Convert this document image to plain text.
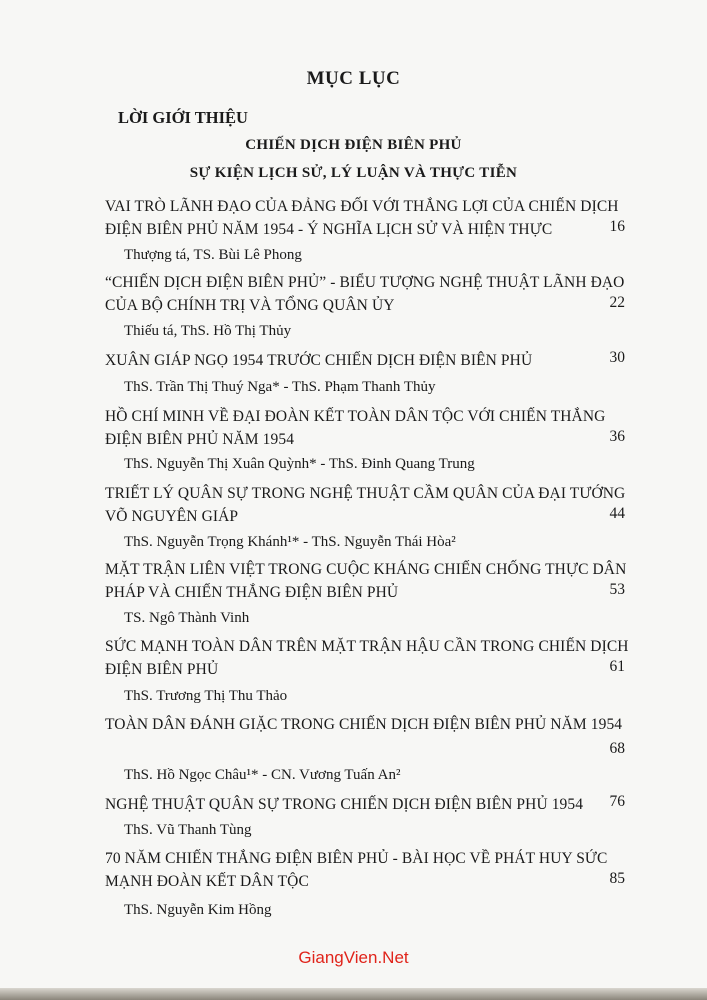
MỤC LỤC
LỜI GIỚI THIỆU
CHIẾN DỊCH ĐIỆN BIÊN PHỦ
SỰ KIỆN LỊCH SỬ, LÝ LUẬN VÀ THỰC TIỄN
VAI TRÒ LÃNH ĐẠO CỦA ĐẢNG ĐỐI VỚI THẮNG LỢI CỦA CHIẾN DỊCH
ĐIỆN BIÊN PHỦ NĂM 1954 - Ý NGHĨA LỊCH SỬ VÀ HIỆN THỰC	16
Thượng tá, TS. Bùi Lê Phong
“CHIẾN DỊCH ĐIỆN BIÊN PHỦ” - BIỂU TƯỢNG NGHỆ THUẬT LÃNH ĐẠO
CỦA BỘ CHÍNH TRỊ VÀ TỔNG QUÂN ỦY	22
Thiếu tá, ThS. Hồ Thị Thủy
XUÂN GIÁP NGỌ 1954 TRƯỚC CHIẾN DỊCH ĐIỆN BIÊN PHỦ	30
ThS. Trần Thị Thuý Nga* - ThS. Phạm Thanh Thủy
HỒ CHÍ MINH VỀ ĐẠI ĐOÀN KẾT TOÀN DÂN TỘC VỚI CHIẾN THẮNG
ĐIỆN BIÊN PHỦ NĂM 1954	36
ThS. Nguyễn Thị Xuân Quỳnh* - ThS. Đinh Quang Trung
TRIẾT LÝ QUÂN SỰ TRONG NGHỆ THUẬT CẦM QUÂN CỦA ĐẠI TƯỚNG
VÕ NGUYÊN GIÁP	44
ThS. Nguyễn Trọng Khánh¹* - ThS. Nguyễn Thái Hòa²
MẶT TRẬN LIÊN VIỆT TRONG CUỘC KHÁNG CHIẾN CHỐNG THỰC DÂN
PHÁP VÀ CHIẾN THẮNG ĐIỆN BIÊN PHỦ	53
TS. Ngô Thành Vinh
SỨC MẠNH TOÀN DÂN TRÊN MẶT TRẬN HẬU CẦN TRONG CHIẾN DỊCH
ĐIỆN BIÊN PHỦ	61
ThS. Trương Thị Thu Thảo
TOÀN DÂN ĐÁNH GIẶC TRONG CHIẾN DỊCH ĐIỆN BIÊN PHỦ NĂM 1954
68
ThS. Hồ Ngọc Châu¹* - CN. Vương Tuấn An²
NGHỆ THUẬT QUÂN SỰ TRONG CHIẾN DỊCH ĐIỆN BIÊN PHỦ 1954	76
ThS. Vũ Thanh Tùng
70 NĂM CHIẾN THẮNG ĐIỆN BIÊN PHỦ - BÀI HỌC VỀ PHÁT HUY SỨC
MẠNH ĐOÀN KẾT DÂN TỘC	85
ThS. Nguyễn Kim Hồng
GiangVien.Net
